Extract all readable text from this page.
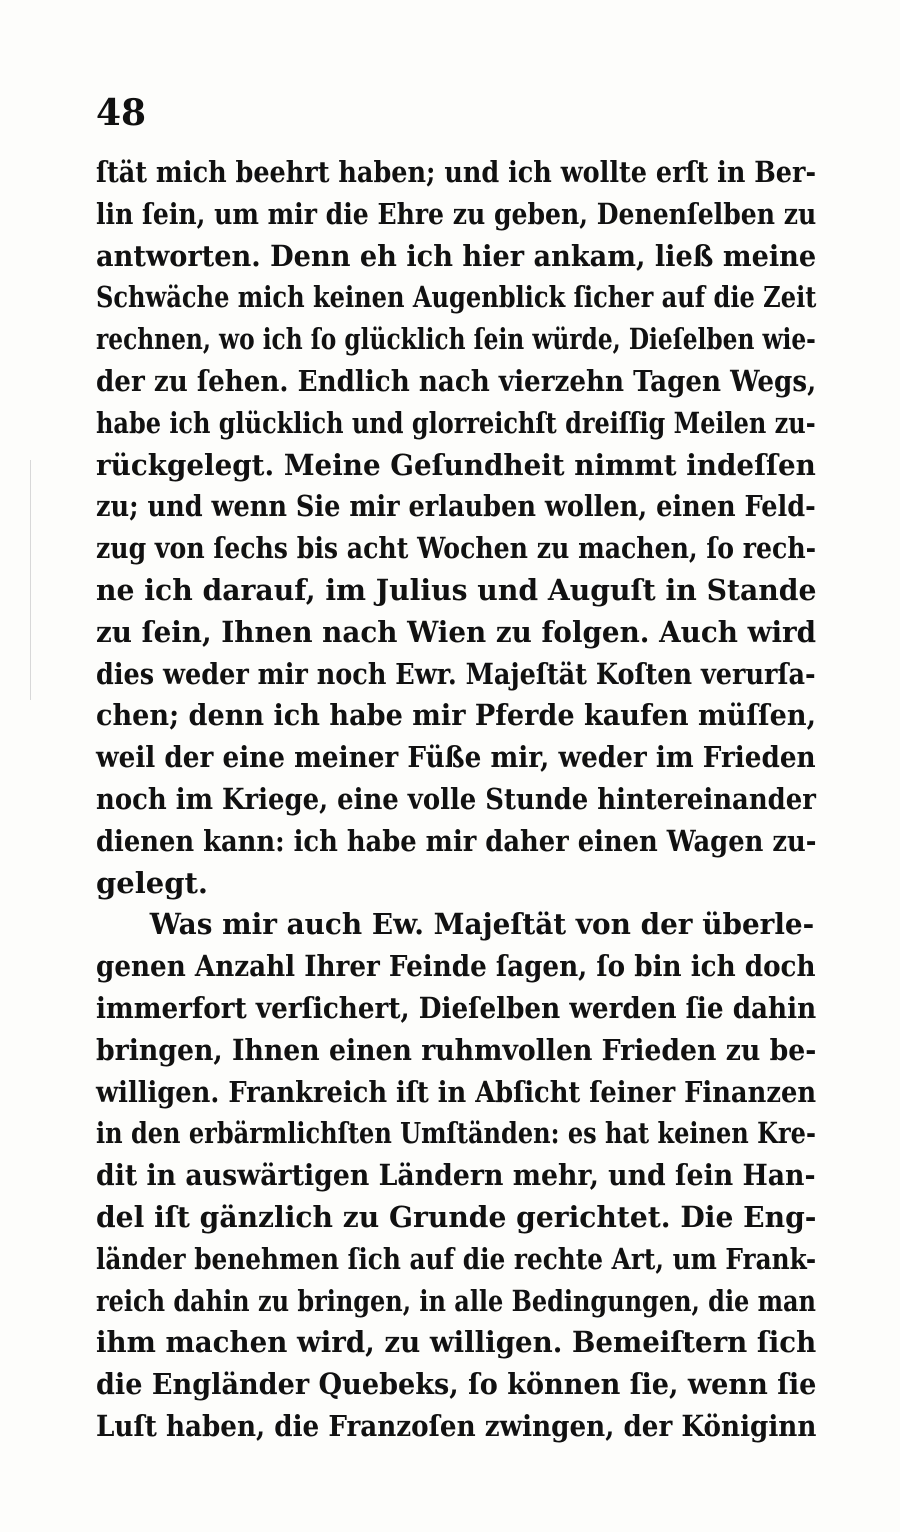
48
ſtät mich beehrt haben; und ich wollte erſt in Ber-
lin ſein, um mir die Ehre zu geben, Denenſelben zu
antworten. Denn eh ich hier ankam, ließ meine
Schwäche mich keinen Augenblick ſicher auf die Zeit
rechnen, wo ich ſo glücklich ſein würde, Dieſelben wie-
der zu ſehen. Endlich nach vierzehn Tagen Wegs,
habe ich glücklich und glorreichſt dreiſſig Meilen zu-
rückgelegt. Meine Geſundheit nimmt indeſſen
zu; und wenn Sie mir erlauben wollen, einen Feld-
zug von ſechs bis acht Wochen zu machen, ſo rech-
ne ich darauf, im Julius und Auguſt in Stande
zu ſein, Ihnen nach Wien zu folgen. Auch wird
dies weder mir noch Ewr. Majeſtät Koſten verurſa-
chen; denn ich habe mir Pferde kaufen müſſen,
weil der eine meiner Füße mir, weder im Frieden
noch im Kriege, eine volle Stunde hintereinander
dienen kann: ich habe mir daher einen Wagen zu-
gelegt.
Was mir auch Ew. Majeſtät von der überle-
genen Anzahl Ihrer Feinde ſagen, ſo bin ich doch
immerfort verſichert, Dieſelben werden ſie dahin
bringen, Ihnen einen ruhmvollen Frieden zu be-
willigen. Frankreich iſt in Abſicht ſeiner Finanzen
in den erbärmlichſten Umſtänden: es hat keinen Kre-
dit in auswärtigen Ländern mehr, und ſein Han-
del iſt gänzlich zu Grunde gerichtet. Die Eng-
länder benehmen ſich auf die rechte Art, um Frank-
reich dahin zu bringen, in alle Bedingungen, die man
ihm machen wird, zu willigen. Bemeiſtern ſich
die Engländer Quebeks, ſo können ſie, wenn ſie
Luſt haben, die Franzoſen zwingen, der Königinn
